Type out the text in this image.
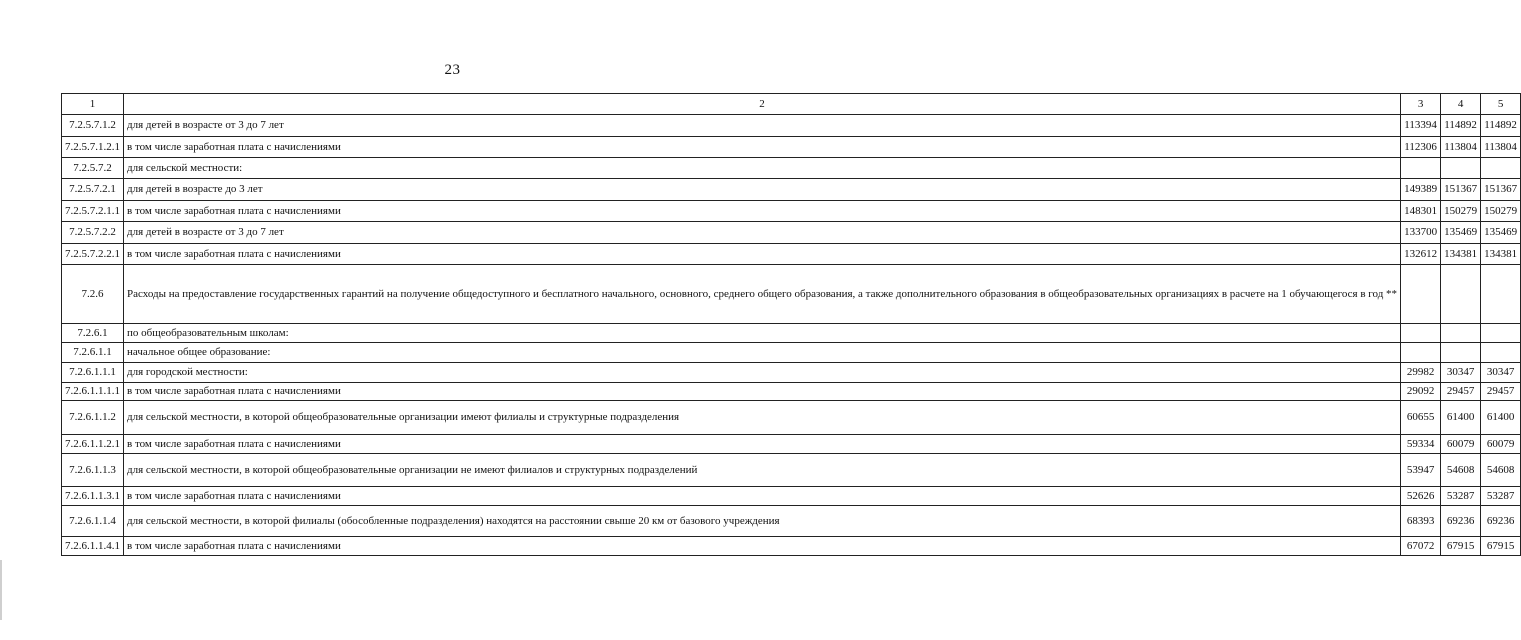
23
1	2	3	4	5
7.2.5.7.1.2	для детей в возрасте от 3 до 7 лет	113394	114892	114892
7.2.5.7.1.2.1	в том числе заработная плата с начислениями	112306	113804	113804
7.2.5.7.2	для сельской местности:			
7.2.5.7.2.1	для детей в возрасте до 3 лет	149389	151367	151367
7.2.5.7.2.1.1	в том числе заработная плата с начислениями	148301	150279	150279
7.2.5.7.2.2	для детей в возрасте от 3 до 7 лет	133700	135469	135469
7.2.5.7.2.2.1	в том числе заработная плата с начислениями	132612	134381	134381
7.2.6	Расходы на предоставление государственных гарантий на получение общедоступного и бесплатного начального, основного, среднего общего образования, а также дополнительного образования в общеобразовательных организациях в расчете на 1 обучающегося в год **			
7.2.6.1	по общеобразовательным школам:			
7.2.6.1.1	начальное общее образование:			
7.2.6.1.1.1	для городской местности:	29982	30347	30347
7.2.6.1.1.1.1	в том числе заработная плата с начислениями	29092	29457	29457
7.2.6.1.1.2	для сельской местности, в которой общеобразовательные организации имеют филиалы и структурные подразделения	60655	61400	61400
7.2.6.1.1.2.1	в том числе заработная плата с начислениями	59334	60079	60079
7.2.6.1.1.3	для сельской местности, в которой общеобразовательные организации не имеют филиалов и структурных подразделений	53947	54608	54608
7.2.6.1.1.3.1	в том числе заработная плата с начислениями	52626	53287	53287
7.2.6.1.1.4	для сельской местности, в которой филиалы (обособленные подразделения) находятся на расстоянии свыше 20 км от базового учреждения	68393	69236	69236
7.2.6.1.1.4.1	в том числе заработная плата с начислениями	67072	67915	67915
